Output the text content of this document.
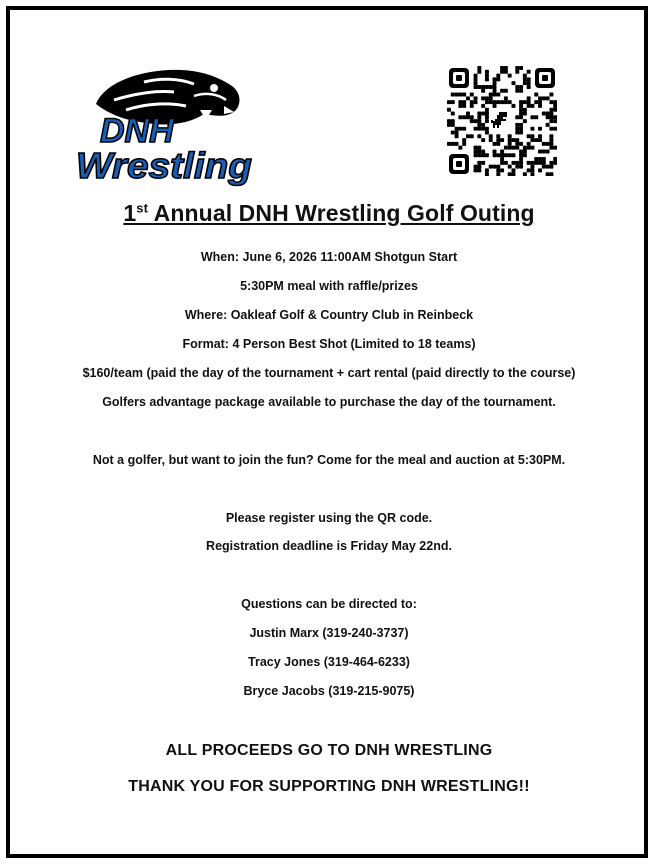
DNH
Wrestling
1st Annual DNH Wrestling Golf Outing
When: June 6, 2026 11:00AM Shotgun Start
5:30PM meal with raffle/prizes
Where: Oakleaf Golf & Country Club in Reinbeck
Format: 4 Person Best Shot (Limited to 18 teams)
$160/team (paid the day of the tournament + cart rental (paid directly to the course)
Golfers advantage package available to purchase the day of the tournament.
Not a golfer, but want to join the fun? Come for the meal and auction at 5:30PM.
Please register using the QR code.
Registration deadline is Friday May 22nd.
Questions can be directed to:
Justin Marx (319-240-3737)
Tracy Jones (319-464-6233)
Bryce Jacobs (319-215-9075)
ALL PROCEEDS GO TO DNH WRESTLING
THANK YOU FOR SUPPORTING DNH WRESTLING!!
